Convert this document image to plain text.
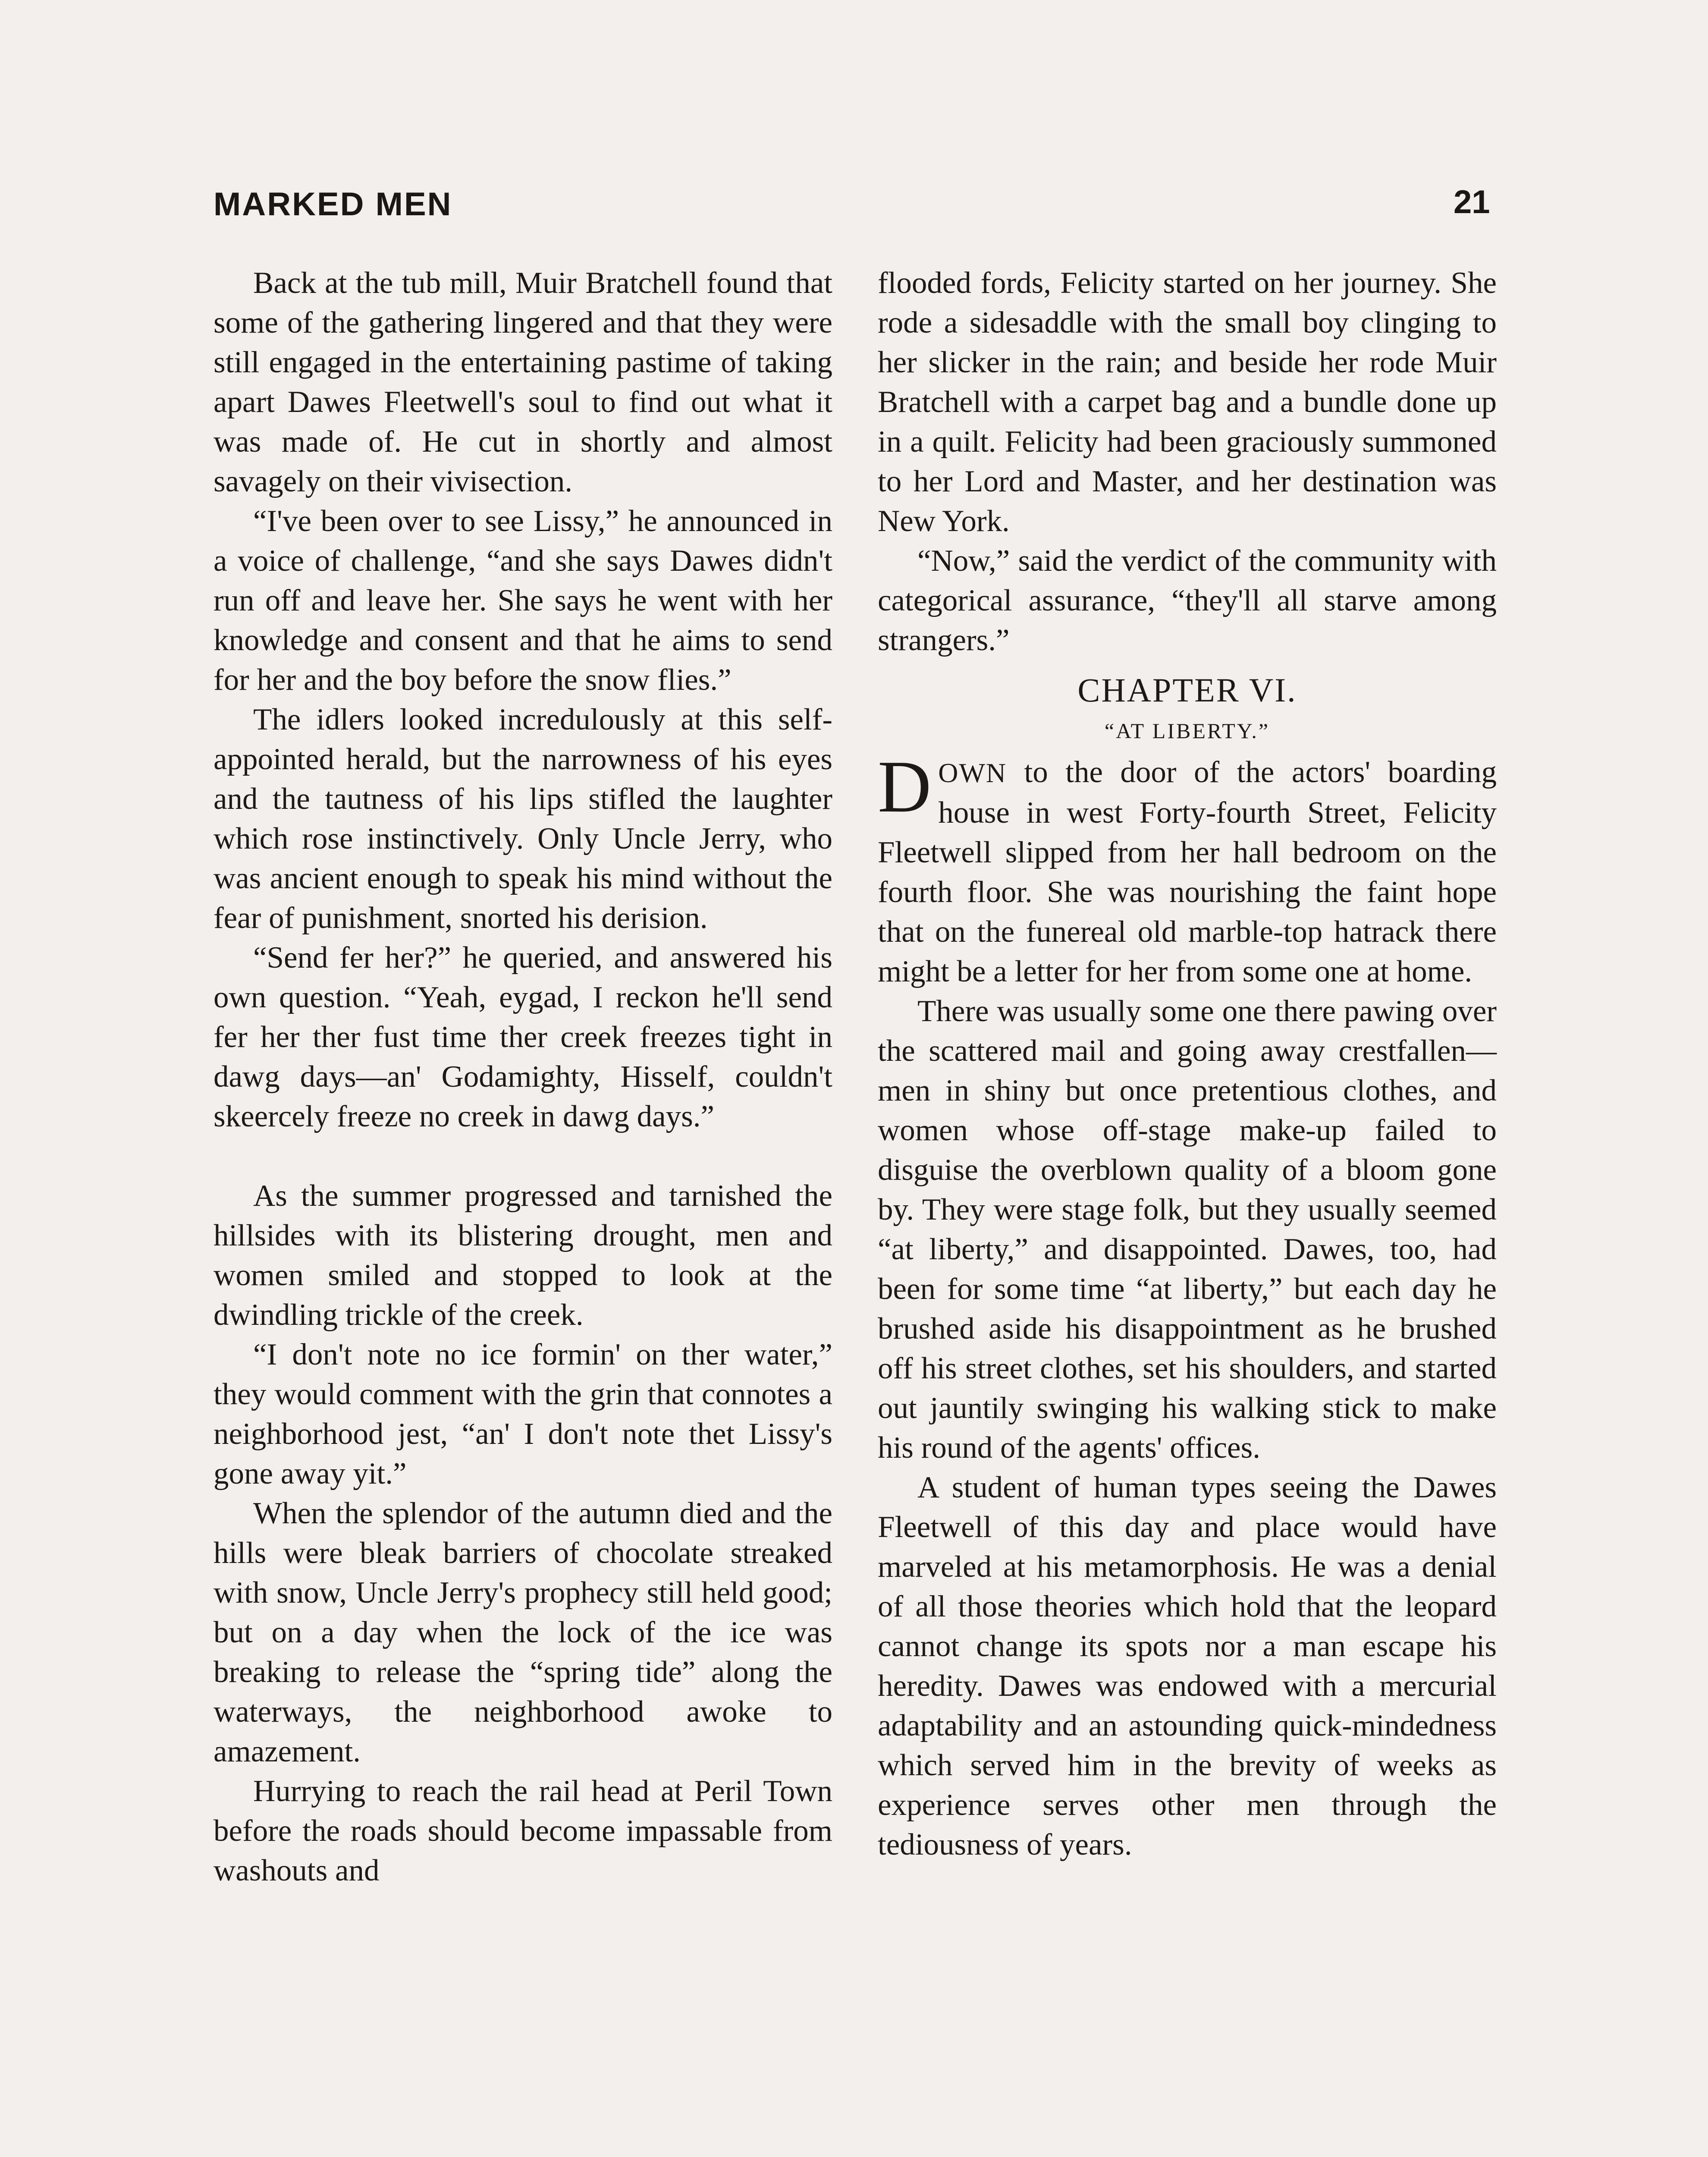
MARKED MEN	21

Back at the tub mill, Muir Bratchell found that some of the gathering lingered and that they were still engaged in the entertaining pastime of taking apart Dawes Fleetwell's soul to find out what it was made of. He cut in shortly and almost savagely on their vivisection.

“I've been over to see Lissy,” he announced in a voice of challenge, “and she says Dawes didn't run off and leave her. She says he went with her knowledge and consent and that he aims to send for her and the boy before the snow flies.”

The idlers looked incredulously at this self-appointed herald, but the narrowness of his eyes and the tautness of his lips stifled the laughter which rose instinctively. Only Uncle Jerry, who was ancient enough to speak his mind without the fear of punishment, snorted his derision.

“Send fer her?” he queried, and answered his own question. “Yeah, eygad, I reckon he'll send fer her ther fust time ther creek freezes tight in dawg days—an' Godamighty, Hisself, couldn't skeercely freeze no creek in dawg days.”

As the summer progressed and tarnished the hillsides with its blistering drought, men and women smiled and stopped to look at the dwindling trickle of the creek.

“I don't note no ice formin' on ther water,” they would comment with the grin that connotes a neighborhood jest, “an' I don't note thet Lissy's gone away yit.”

When the splendor of the autumn died and the hills were bleak barriers of chocolate streaked with snow, Uncle Jerry's prophecy still held good; but on a day when the lock of the ice was breaking to release the “spring tide” along the waterways, the neighborhood awoke to amazement.

Hurrying to reach the rail head at Peril Town before the roads should become impassable from washouts and

flooded fords, Felicity started on her journey. She rode a sidesaddle with the small boy clinging to her slicker in the rain; and beside her rode Muir Bratchell with a carpet bag and a bundle done up in a quilt. Felicity had been graciously summoned to her Lord and Master, and her destination was New York.

“Now,” said the verdict of the community with categorical assurance, “they'll all starve among strangers.”

CHAPTER VI.
“AT LIBERTY.”

DOWN to the door of the actors' boarding house in west Forty-fourth Street, Felicity Fleetwell slipped from her hall bedroom on the fourth floor. She was nourishing the faint hope that on the funereal old marble-top hatrack there might be a letter for her from some one at home.

There was usually some one there pawing over the scattered mail and going away crestfallen—men in shiny but once pretentious clothes, and women whose off-stage make-up failed to disguise the overblown quality of a bloom gone by. They were stage folk, but they usually seemed “at liberty,” and disappointed. Dawes, too, had been for some time “at liberty,” but each day he brushed aside his disappointment as he brushed off his street clothes, set his shoulders, and started out jauntily swinging his walking stick to make his round of the agents' offices.

A student of human types seeing the Dawes Fleetwell of this day and place would have marveled at his metamorphosis. He was a denial of all those theories which hold that the leopard cannot change its spots nor a man escape his heredity. Dawes was endowed with a mercurial adaptability and an astounding quick-mindedness which served him in the brevity of weeks as experience serves other men through the tediousness of years.
